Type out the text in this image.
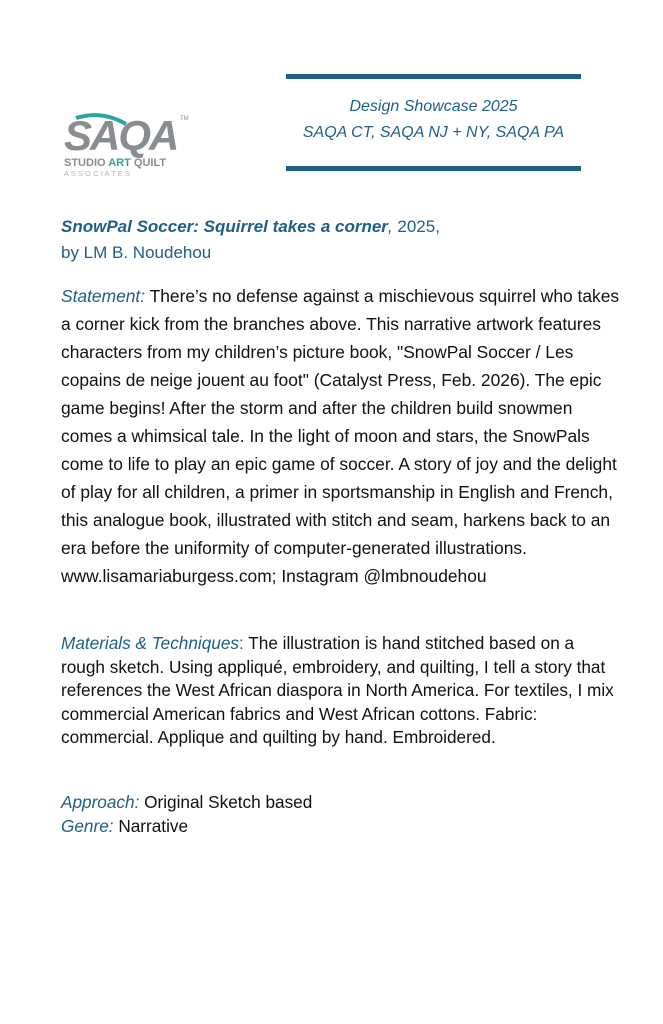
SAQA TM
STUDIO ART QUILT
A S S O C I A T E S
Design Showcase 2025
SAQA CT, SAQA NJ + NY, SAQA PA
SnowPal Soccer: Squirrel takes a corner, 2025,
by LM B. Noudehou
Statement: There’s no defense against a mischievous squirrel who takes a corner kick from the branches above. This narrative artwork features characters from my children’s picture book, "SnowPal Soccer / Les copains de neige jouent au foot" (Catalyst Press, Feb. 2026). The epic game begins! After the storm and after the children build snowmen comes a whimsical tale. In the light of moon and stars, the SnowPals come to life to play an epic game of soccer. A story of joy and the delight of play for all children, a primer in sportsmanship in English and French, this analogue book, illustrated with stitch and seam, harkens back to an era before the uniformity of computer-generated illustrations. www.lisamariaburgess.com; Instagram @lmbnoudehou
Materials & Techniques: The illustration is hand stitched based on a rough sketch. Using appliqué, embroidery, and quilting, I tell a story that references the West African diaspora in North America. For textiles, I mix commercial American fabrics and West African cottons. Fabric: commercial. Applique and quilting by hand. Embroidered.
Approach: Original Sketch based
Genre: Narrative
